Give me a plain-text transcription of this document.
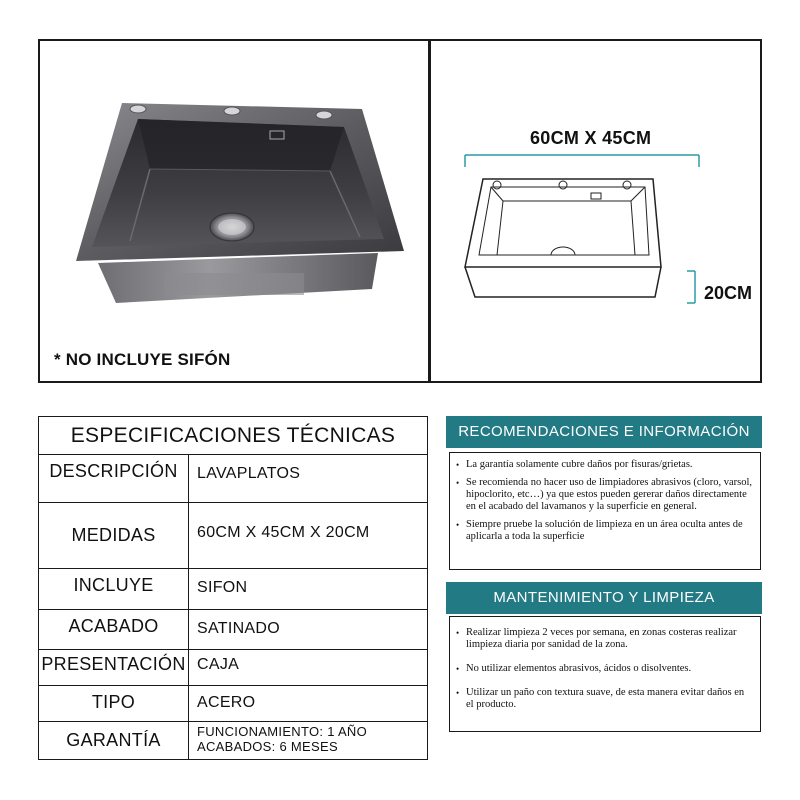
* NO INCLUYE SIFÓN
60CM X 45CM
20CM
ESPECIFICACIONES TÉCNICAS	
DESCRIPCIÓN	LAVAPLATOS
MEDIDAS	60CM X 45CM X 20CM
INCLUYE	SIFON
ACABADO	SATINADO
PRESENTACIÓN	CAJA
TIPO	ACERO
GARANTÍA	FUNCIONAMIENTO: 1 AÑO
ACABADOS: 6 MESES
RECOMENDACIONES E INFORMACIÓN
• La garantía solamente cubre daños por fisuras/grietas.
• Se recomienda no hacer uso de limpiadores abrasivos (cloro, varsol, hipoclorito, etc…) ya que estos pueden gererar daños directamente en el acabado del lavamanos y la superficie en general.
• Siempre pruebe la solución de limpieza en un área oculta antes de aplicarla a toda la superficie
MANTENIMIENTO Y LIMPIEZA
• Realizar limpieza 2 veces por semana, en zonas costeras realizar limpieza diaria por sanidad de la zona.
• No utilizar elementos abrasivos, ácidos o disolventes.
• Utilizar un paño con textura suave, de esta manera evitar daños en el producto.
